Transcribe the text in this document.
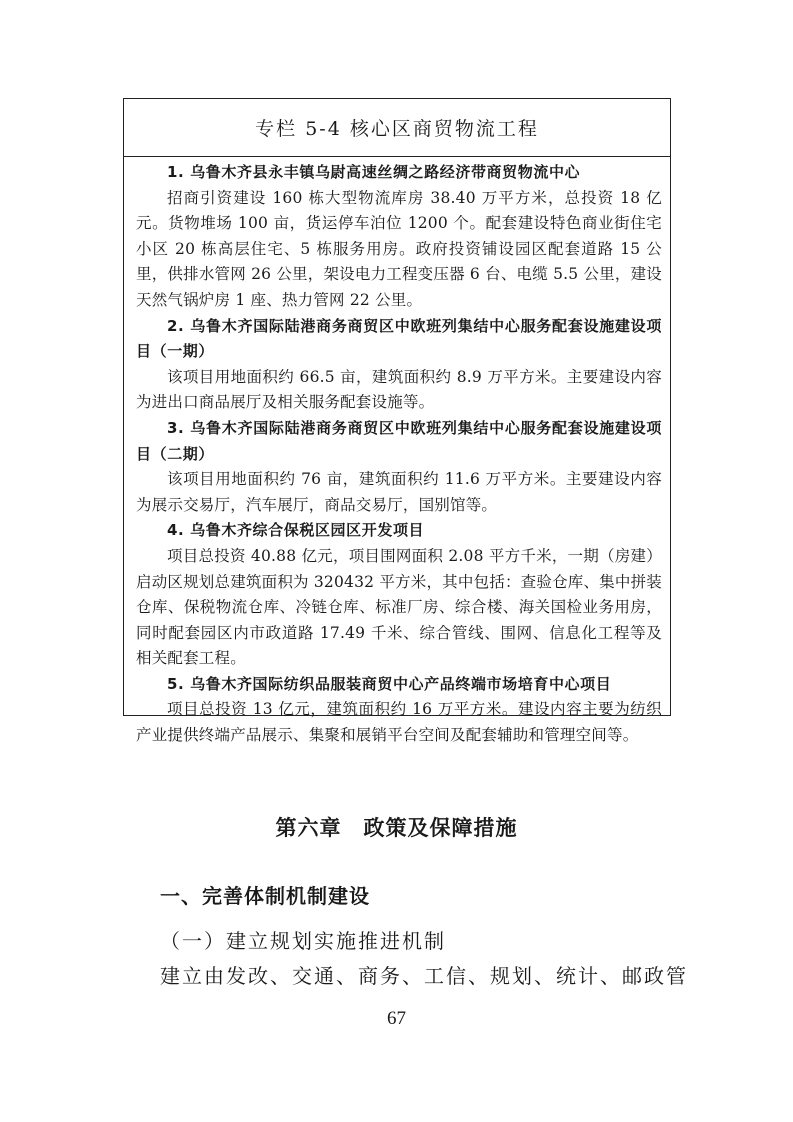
专栏 5-4 核心区商贸物流工程
1. 乌鲁木齐县永丰镇乌尉高速丝绸之路经济带商贸物流中心
招商引资建设 160 栋大型物流库房 38.40 万平方米，总投资 18 亿元。货物堆场 100 亩，货运停车泊位 1200 个。配套建设特色商业街住宅小区 20 栋高层住宅、5 栋服务用房。政府投资铺设园区配套道路 15 公里，供排水管网 26 公里，架设电力工程变压器 6 台、电缆 5.5 公里，建设天然气锅炉房 1 座、热力管网 22 公里。
2. 乌鲁木齐国际陆港商务商贸区中欧班列集结中心服务配套设施建设项目（一期）
该项目用地面积约 66.5 亩，建筑面积约 8.9 万平方米。主要建设内容为进出口商品展厅及相关服务配套设施等。
3. 乌鲁木齐国际陆港商务商贸区中欧班列集结中心服务配套设施建设项目（二期）
该项目用地面积约 76 亩，建筑面积约 11.6 万平方米。主要建设内容为展示交易厅，汽车展厅，商品交易厅，国别馆等。
4. 乌鲁木齐综合保税区园区开发项目
项目总投资 40.88 亿元，项目围网面积 2.08 平方千米，一期（房建）启动区规划总建筑面积为 320432 平方米，其中包括：查验仓库、集中拼装仓库、保税物流仓库、冷链仓库、标准厂房、综合楼、海关国检业务用房，同时配套园区内市政道路 17.49 千米、综合管线、围网、信息化工程等及相关配套工程。
5. 乌鲁木齐国际纺织品服装商贸中心产品终端市场培育中心项目
项目总投资 13 亿元，建筑面积约 16 万平方米。建设内容主要为纺织产业提供终端产品展示、集聚和展销平台空间及配套辅助和管理空间等。
第六章　政策及保障措施
一、完善体制机制建设
（一）建立规划实施推进机制
建立由发改、交通、商务、工信、规划、统计、邮政管
67
